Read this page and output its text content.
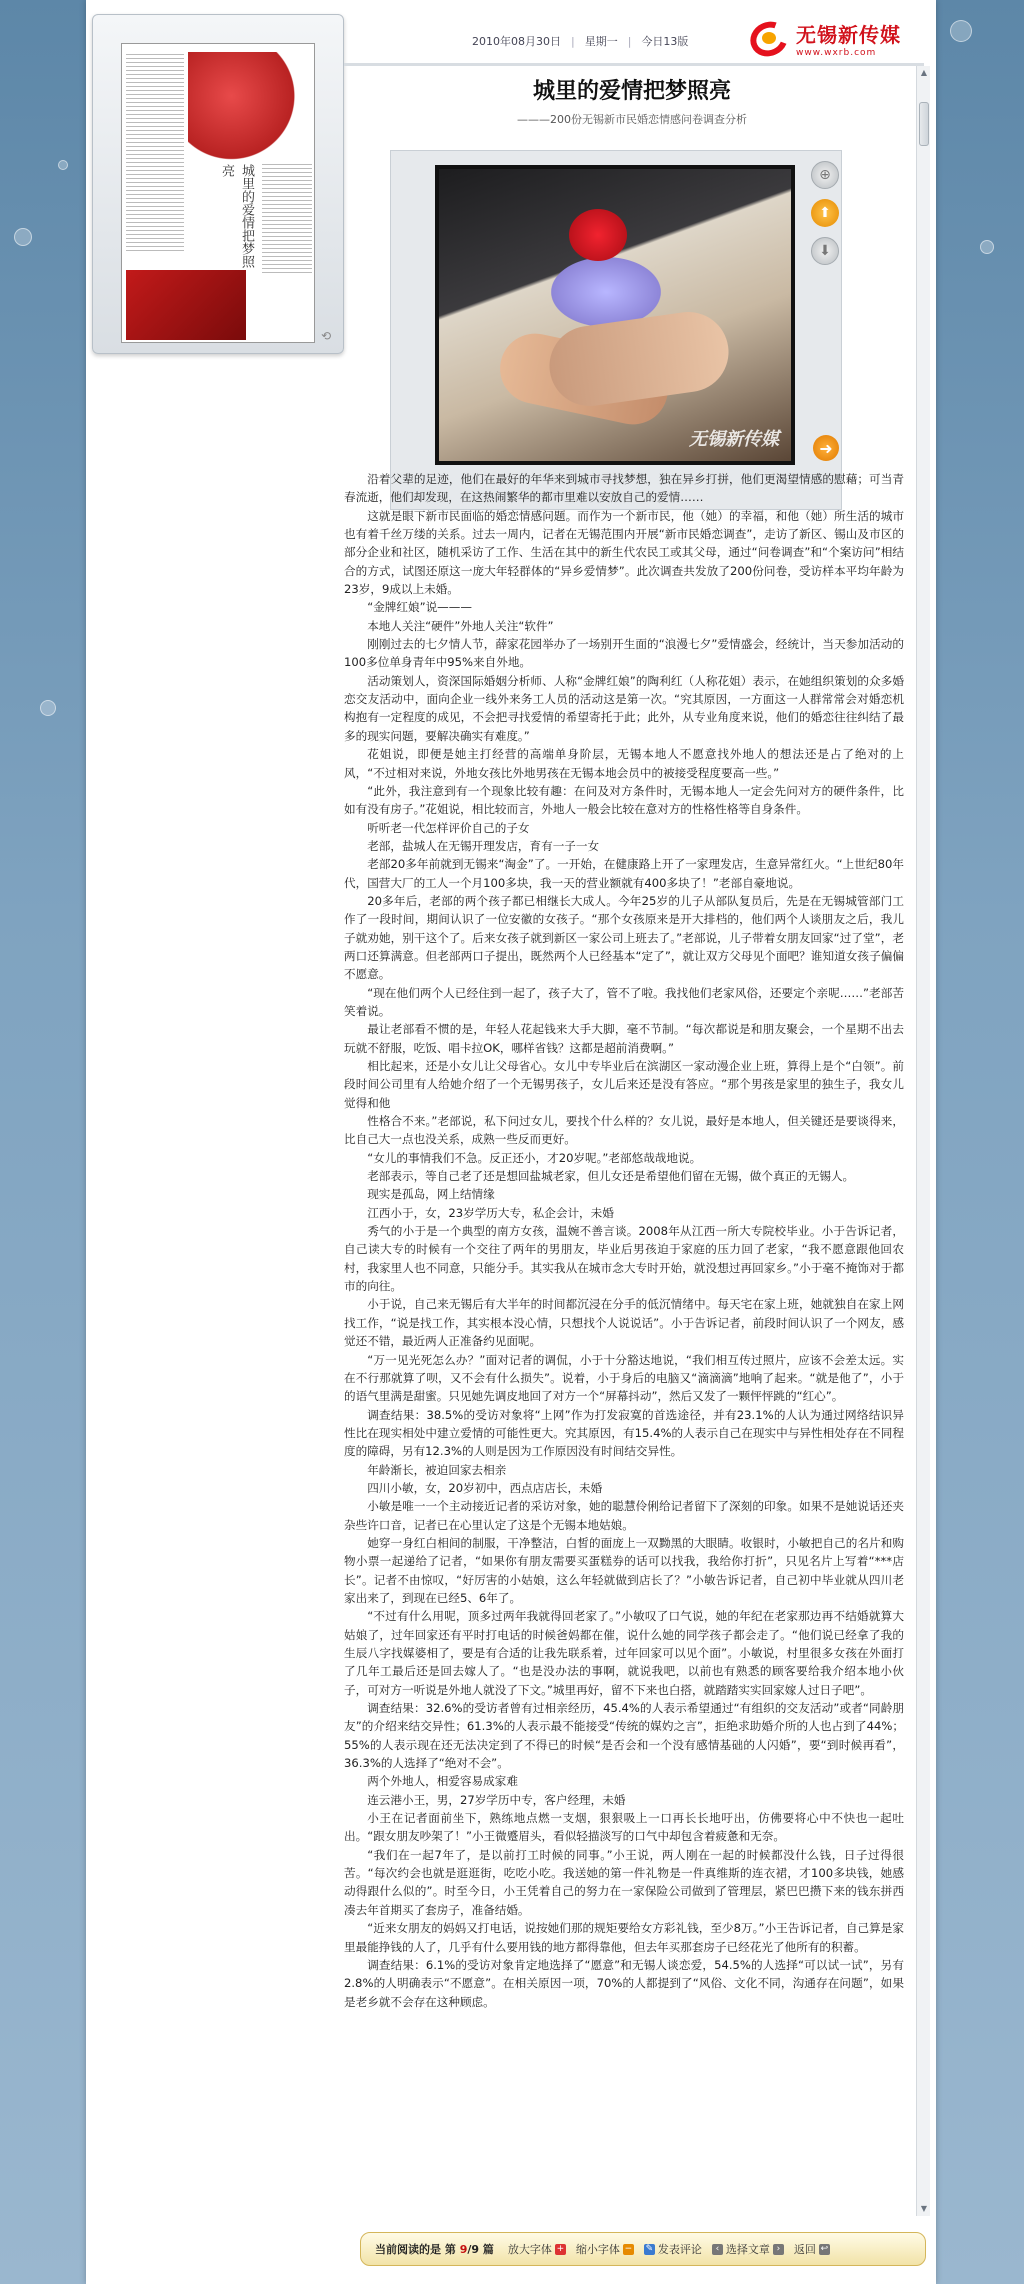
城里的爱情把梦照亮
⟲
2010年08月30日 | 星期一 | 今日13版	无锡新传媒
www.wxrb.com
城里的爱情把梦照亮
———200份无锡新市民婚恋情感问卷调查分析
无锡新传媒
⊕
⬆
⬇
➜

沿着父辈的足迹，他们在最好的年华来到城市寻找梦想，独在异乡打拼，他们更渴望情感的慰藉；可当青春流逝，他们却发现，在这热闹繁华的都市里难以安放自己的爱情……

这就是眼下新市民面临的婚恋情感问题。而作为一个新市民，他（她）的幸福，和他（她）所生活的城市也有着千丝万缕的关系。过去一周内，记者在无锡范围内开展“新市民婚恋调查”，走访了新区、锡山及市区的部分企业和社区，随机采访了工作、生活在其中的新生代农民工或其父母，通过“问卷调查”和“个案访问”相结合的方式，试图还原这一庞大年轻群体的“异乡爱情梦”。此次调查共发放了200份问卷，受访样本平均年龄为23岁，9成以上未婚。

“金牌红娘”说———

本地人关注“硬件”外地人关注“软件”

刚刚过去的七夕情人节，薛家花园举办了一场别开生面的“浪漫七夕”爱情盛会，经统计，当天参加活动的100多位单身青年中95%来自外地。

活动策划人，资深国际婚姻分析师、人称“金牌红娘”的陶利红（人称花姐）表示，在她组织策划的众多婚恋交友活动中，面向企业一线外来务工人员的活动这是第一次。“究其原因，一方面这一人群常常会对婚恋机构抱有一定程度的成见，不会把寻找爱情的希望寄托于此；此外，从专业角度来说，他们的婚恋往往纠结了最多的现实问题，要解决确实有难度。”

花姐说，即便是她主打经营的高端单身阶层，无锡本地人不愿意找外地人的想法还是占了绝对的上风，“不过相对来说，外地女孩比外地男孩在无锡本地会员中的被接受程度要高一些。”

“此外，我注意到有一个现象比较有趣：在问及对方条件时，无锡本地人一定会先问对方的硬件条件，比如有没有房子。”花姐说，相比较而言，外地人一般会比较在意对方的性格性格等自身条件。

听听老一代怎样评价自己的子女

老部，盐城人在无锡开理发店，育有一子一女

老部20多年前就到无锡来“淘金”了。一开始，在健康路上开了一家理发店，生意异常红火。“上世纪80年代，国营大厂的工人一个月100多块，我一天的营业额就有400多块了！”老部自豪地说。

20多年后，老部的两个孩子都已相继长大成人。今年25岁的儿子从部队复员后，先是在无锡城管部门工作了一段时间，期间认识了一位安徽的女孩子。“那个女孩原来是开大排档的，他们两个人谈朋友之后，我儿子就劝她，别干这个了。后来女孩子就到新区一家公司上班去了。”老部说，儿子带着女朋友回家“过了堂”，老两口还算满意。但老部两口子提出，既然两个人已经基本“定了”，就让双方父母见个面吧？谁知道女孩子偏偏不愿意。

“现在他们两个人已经住到一起了，孩子大了，管不了啦。我找他们老家风俗，还要定个亲呢……”老部苦笑着说。

最让老部看不惯的是，年轻人花起钱来大手大脚，毫不节制。“每次都说是和朋友聚会，一个星期不出去玩就不舒服，吃饭、唱卡拉OK，哪样省钱？这都是超前消费啊。”

相比起来，还是小女儿让父母省心。女儿中专毕业后在滨湖区一家动漫企业上班，算得上是个“白领”。前段时间公司里有人给她介绍了一个无锡男孩子，女儿后来还是没有答应。“那个男孩是家里的独生子，我女儿觉得和他

性格合不来。”老部说，私下问过女儿，要找个什么样的？女儿说，最好是本地人，但关键还是要谈得来，比自己大一点也没关系，成熟一些反而更好。

“女儿的事情我们不急。反正还小，才20岁呢。”老部悠哉哉地说。

老部表示，等自己老了还是想回盐城老家，但儿女还是希望他们留在无锡，做个真正的无锡人。

现实是孤岛，网上结情缘

江西小于，女，23岁学历大专，私企会计，未婚

秀气的小于是一个典型的南方女孩，温婉不善言谈。2008年从江西一所大专院校毕业。小于告诉记者，自己读大专的时候有一个交往了两年的男朋友，毕业后男孩迫于家庭的压力回了老家，“我不愿意跟他回农村，我家里人也不同意，只能分手。其实我从在城市念大专时开始，就没想过再回家乡。”小于毫不掩饰对于都市的向往。

小于说，自己来无锡后有大半年的时间都沉浸在分手的低沉情绪中。每天宅在家上班，她就独自在家上网找工作，“说是找工作，其实根本没心情，只想找个人说说话”。小于告诉记者，前段时间认识了一个网友，感觉还不错，最近两人正准备约见面呢。

“万一见光死怎么办？”面对记者的调侃，小于十分豁达地说，“我们相互传过照片，应该不会差太远。实在不行那就算了呗，又不会有什么损失”。说着，小于身后的电脑又“滴滴滴”地响了起来。“就是他了”，小于的语气里满是甜蜜。只见她先调皮地回了对方一个“屏幕抖动”，然后又发了一颗怦怦跳的“红心”。

调查结果：38.5%的受访对象将“上网”作为打发寂寞的首选途径，并有23.1%的人认为通过网络结识异性比在现实相处中建立爱情的可能性更大。究其原因，有15.4%的人表示自己在现实中与异性相处存在不同程度的障碍，另有12.3%的人则是因为工作原因没有时间结交异性。

年龄渐长，被迫回家去相亲

四川小敏，女，20岁初中，西点店店长，未婚

小敏是唯一一个主动接近记者的采访对象，她的聪慧伶俐给记者留下了深刻的印象。如果不是她说话还夹杂些许口音，记者已在心里认定了这是个无锡本地姑娘。

她穿一身红白相间的制服，干净整洁，白皙的面庞上一双黝黑的大眼睛。收银时，小敏把自己的名片和购物小票一起递给了记者，“如果你有朋友需要买蛋糕券的话可以找我，我给你打折”，只见名片上写着“***店长”。记者不由惊叹，“好厉害的小姑娘，这么年轻就做到店长了？”小敏告诉记者，自己初中毕业就从四川老家出来了，到现在已经5、6年了。

“不过有什么用呢，顶多过两年我就得回老家了。”小敏叹了口气说，她的年纪在老家那边再不结婚就算大姑娘了，过年回家还有平时打电话的时候爸妈都在催，说什么她的同学孩子都会走了。“他们说已经拿了我的生辰八字找媒婆相了，要是有合适的让我先联系着，过年回家可以见个面”。小敏说，村里很多女孩在外面打了几年工最后还是回去嫁人了。“也是没办法的事啊，就说我吧，以前也有熟悉的顾客要给我介绍本地小伙子，可对方一听说是外地人就没了下文。”城里再好，留不下来也白搭，就踏踏实实回家嫁人过日子吧”。

调查结果：32.6%的受访者曾有过相亲经历，45.4%的人表示希望通过“有组织的交友活动”或者“同龄朋友”的介绍来结交异性；61.3%的人表示最不能接受“传统的媒妁之言”，拒绝求助婚介所的人也占到了44%；55%的人表示现在还无法决定到了不得已的时候“是否会和一个没有感情基础的人闪婚”，要“到时候再看”，36.3%的人选择了“绝对不会”。

两个外地人，相爱容易成家难

连云港小王，男，27岁学历中专，客户经理，未婚

小王在记者面前坐下，熟练地点燃一支烟，狠狠吸上一口再长长地吁出，仿佛要将心中不快也一起吐出。“跟女朋友吵架了！”小王微蹙眉头，看似轻描淡写的口气中却包含着疲惫和无奈。

“我们在一起7年了，是以前打工时候的同事。”小王说，两人刚在一起的时候都没什么钱，日子过得很苦。“每次约会也就是逛逛街，吃吃小吃。我送她的第一件礼物是一件真维斯的连衣裙，才100多块钱，她感动得跟什么似的”。时至今日，小王凭着自己的努力在一家保险公司做到了管理层，紧巴巴攒下来的钱东拼西凑去年首期买了套房子，准备结婚。

“近来女朋友的妈妈又打电话，说按她们那的规矩要给女方彩礼钱，至少8万。”小王告诉记者，自己算是家里最能挣钱的人了，几乎有什么要用钱的地方都得靠他，但去年买那套房子已经花光了他所有的积蓄。

调查结果：6.1%的受访对象肯定地选择了“愿意”和无锡人谈恋爱，54.5%的人选择“可以试一试”，另有2.8%的人明确表示“不愿意”。在相关原因一项，70%的人都提到了“风俗、文化不同，沟通存在问题”，如果是老乡就不会存在这种顾虑。

▲
▼
当前阅读的是 第 9/9 篇 放大字体 + 缩小字体 − ✎ 发表评论	‹ 选择文章 ›	返回 ↩
